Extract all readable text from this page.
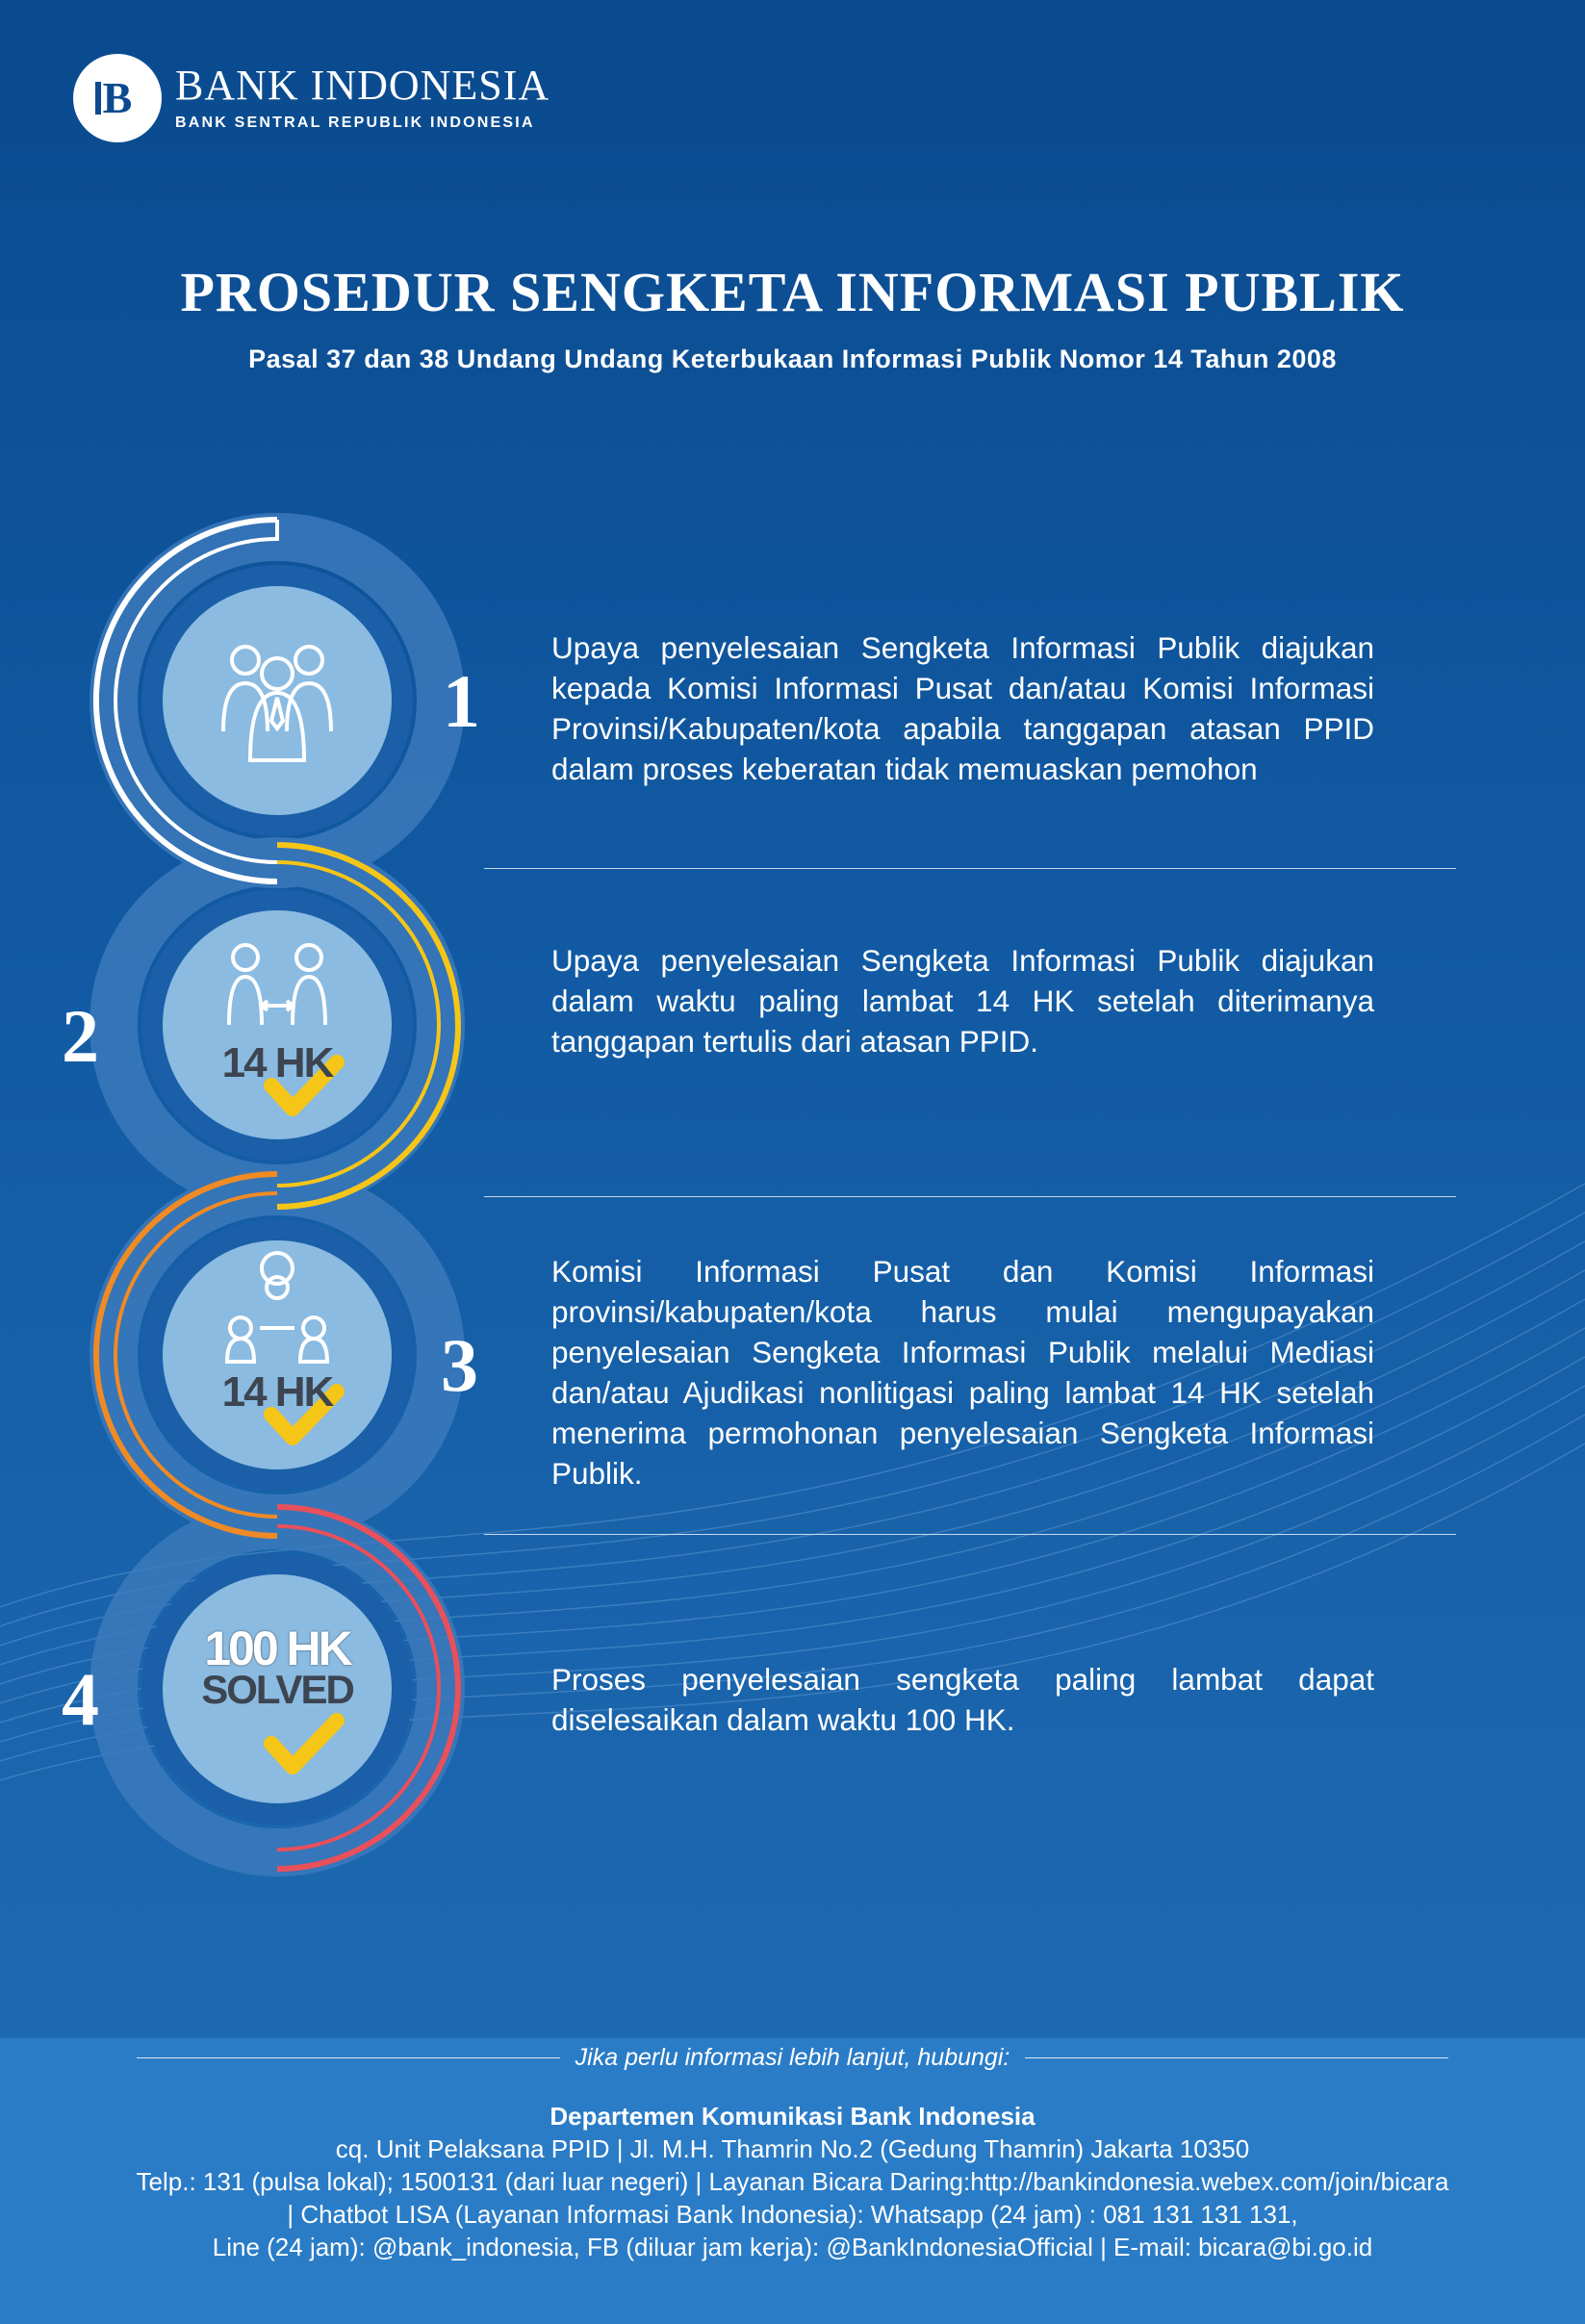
B BANK INDONESIA
BANK SENTRAL REPUBLIK INDONESIA
PROSEDUR SENGKETA INFORMASI PUBLIK
Pasal 37 dan 38 Undang Undang Keterbukaan Informasi Publik Nomor 14 Tahun 2008
14 HK
14 HK
100 HK
SOLVED
1
2
3
4
Upaya penyelesaian Sengketa Informasi Publik diajukan kepada Komisi Informasi Pusat dan/atau Komisi Informasi Provinsi/Kabupaten/kota apabila tanggapan atasan PPID dalam proses keberatan tidak memuaskan pemohon
Upaya penyelesaian Sengketa Informasi Publik diajukan dalam waktu paling lambat 14 HK setelah diterimanya tanggapan tertulis dari atasan PPID.
Komisi Informasi Pusat dan Komisi Informasi provinsi/kabupaten/kota harus mulai mengupayakan penyelesaian Sengketa Informasi Publik melalui Mediasi dan/atau Ajudikasi nonlitigasi paling lambat 14 HK setelah menerima permohonan penyelesaian Sengketa Informasi Publik.
Proses penyelesaian sengketa paling lambat dapat diselesaikan dalam waktu 100 HK.
Jika perlu informasi lebih lanjut, hubungi:
Departemen Komunikasi Bank Indonesia
cq. Unit Pelaksana PPID | Jl. M.H. Thamrin No.2 (Gedung Thamrin) Jakarta 10350
Telp.: 131 (pulsa lokal); 1500131 (dari luar negeri) | Layanan Bicara Daring:http://bankindonesia.webex.com/join/bicara
| Chatbot LISA (Layanan Informasi Bank Indonesia): Whatsapp (24 jam) : 081 131 131 131,
Line (24 jam): @bank_indonesia, FB (diluar jam kerja): @BankIndonesiaOfficial | E-mail: bicara@bi.go.id
